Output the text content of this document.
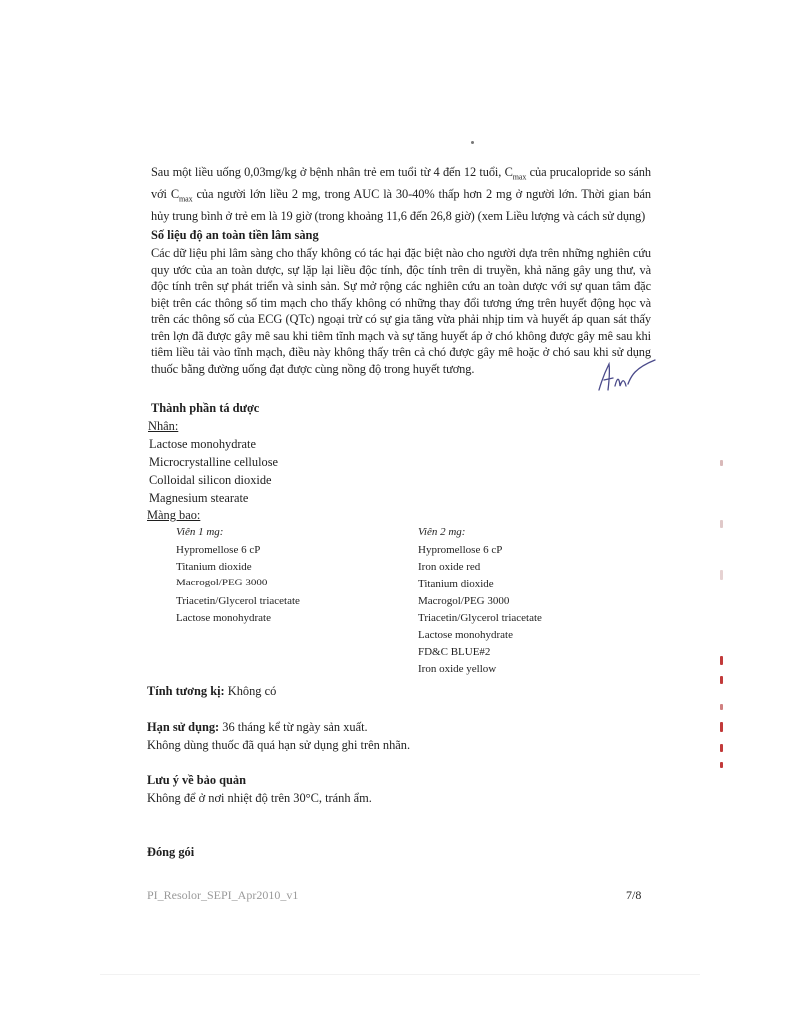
Sau một liều uống 0,03mg/kg ở bệnh nhân trẻ em tuổi từ 4 đến 12 tuổi, $C_{max}$ của prucalopride so sánh với $C_{max}$ của người lớn liều 2 mg, trong AUC là 30-40% thấp hơn 2 mg ở người lớn. Thời gian bán hủy trung bình ở trẻ em là 19 giờ (trong khoảng 11,6 đến 26,8 giờ) (xem Liều lượng và cách sử dụng)
Số liệu độ an toàn tiền lâm sàng
Các dữ liệu phi lâm sàng cho thấy không có tác hại đặc biệt nào cho người dựa trên những nghiên cứu quy ước của an toàn dược, sự lặp lại liều độc tính, độc tính trên di truyền, khả năng gây ung thư, và độc tính trên sự phát triển và sinh sản. Sự mở rộng các nghiên cứu an toàn dược với sự quan tâm đặc biệt trên các thông số tim mạch cho thấy không có những thay đổi tương ứng trên huyết động học và trên các thông số của ECG (QTc) ngoại trừ có sự gia tăng vừa phải nhịp tim và huyết áp quan sát thấy trên lợn đã được gây mê sau khi tiêm tĩnh mạch và sự tăng huyết áp ở chó không được gây mê sau khi tiêm liều tải vào tĩnh mạch, điều này không thấy trên cả chó được gây mê hoặc ở chó sau khi sử dụng thuốc bằng đường uống đạt được cùng nồng độ trong huyết tương.
Thành phần tá dược
Nhân:
Lactose monohydrate
Microcrystalline cellulose
Colloidal silicon dioxide
Magnesium stearate
Màng bao:
Viên 1 mg:
Hypromellose 6 cP
Titanium dioxide
Macrogol/PEG 3000
Triacetin/Glycerol triacetate
Lactose monohydrate
Viên 2 mg:
Hypromellose 6 cP
Iron oxide red
Titanium dioxide
Macrogol/PEG 3000
Triacetin/Glycerol triacetate
Lactose monohydrate
FD&C BLUE#2
Iron oxide yellow
Tính tương kị: Không có
Hạn sử dụng: 36 tháng kể từ ngày sản xuất.
Không dùng thuốc đã quá hạn sử dụng ghi trên nhãn.
Lưu ý về bảo quản
Không để ở nơi nhiệt độ trên 30°C, tránh ẩm.
Đóng gói
PI_Resolor_SEPI_Apr2010_v1	7/8
